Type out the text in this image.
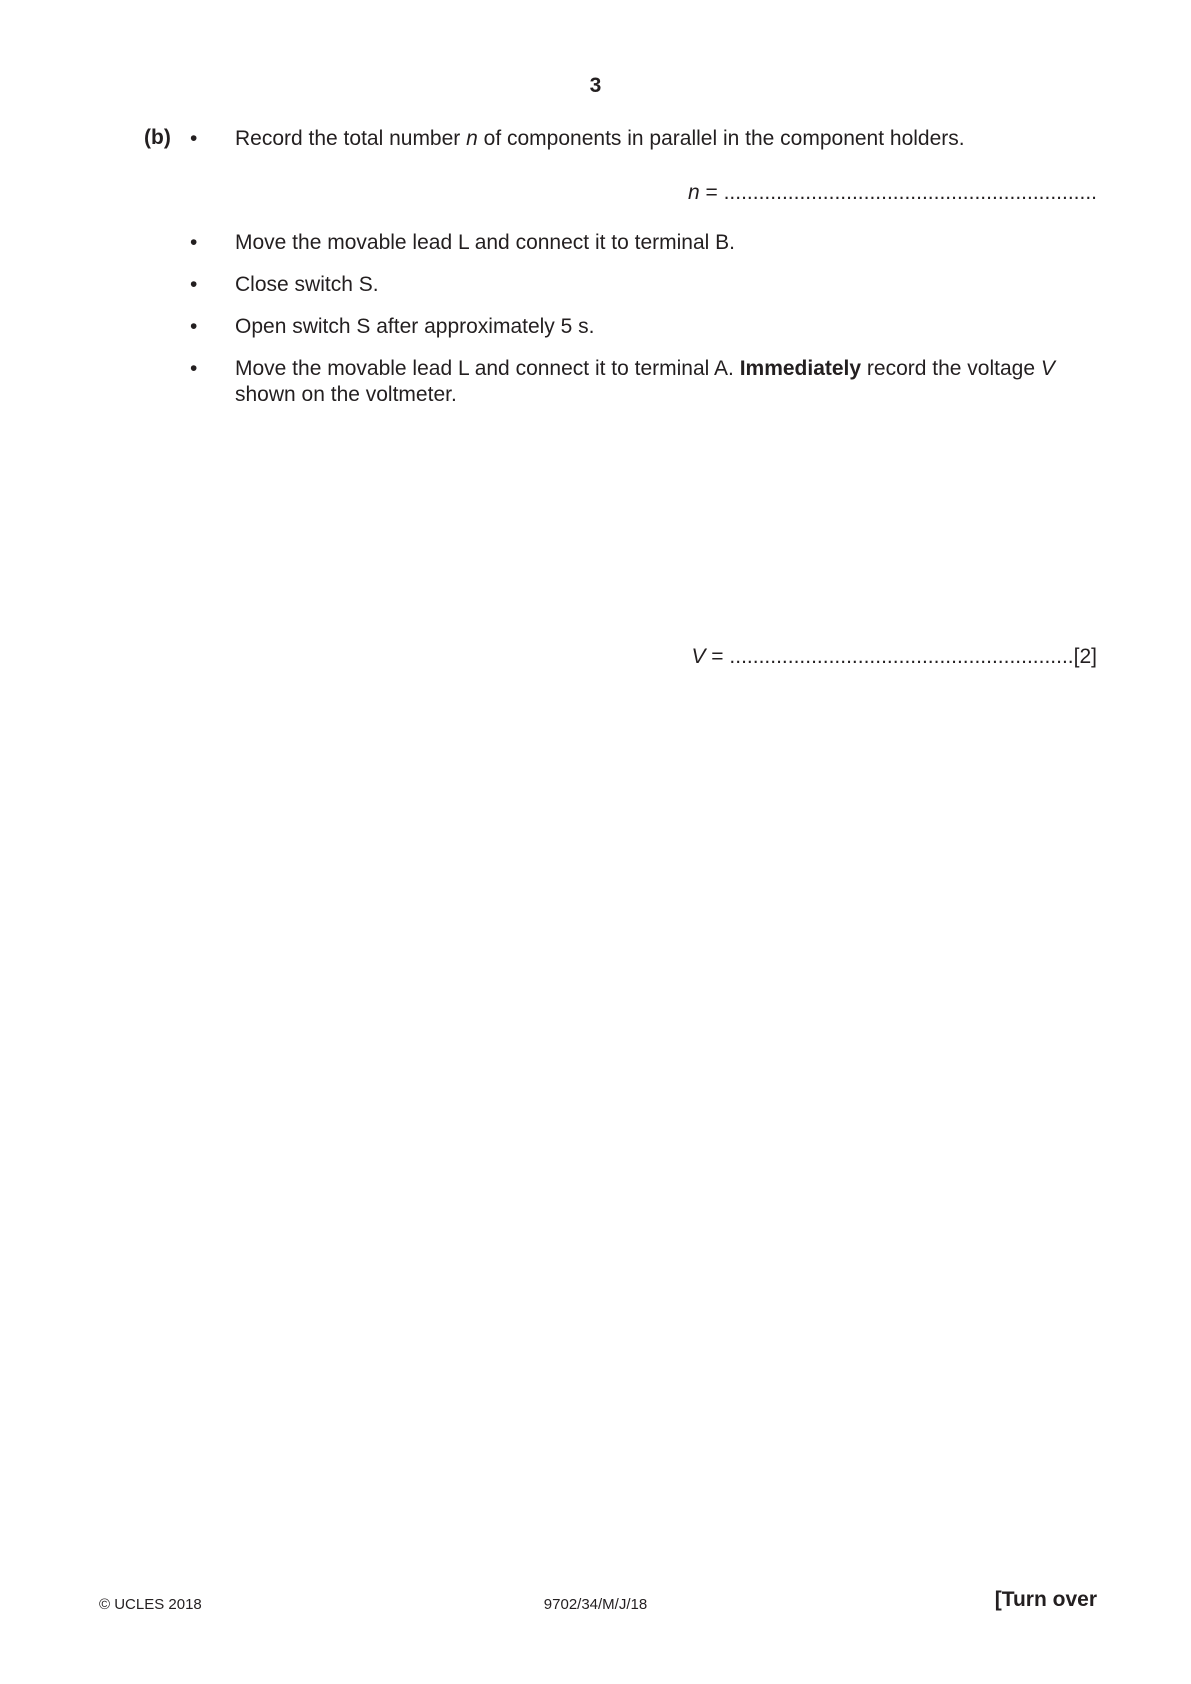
3
(b) • Record the total number n of components in parallel in the component holders.
n = ................................................................
• Move the movable lead L and connect it to terminal B.
• Close switch S.
• Open switch S after approximately 5 s.
• Move the movable lead L and connect it to terminal A. Immediately record the voltage V
shown on the voltmeter.
V = ...........................................................[2]
© UCLES 2018	9702/34/M/J/18	[Turn over
